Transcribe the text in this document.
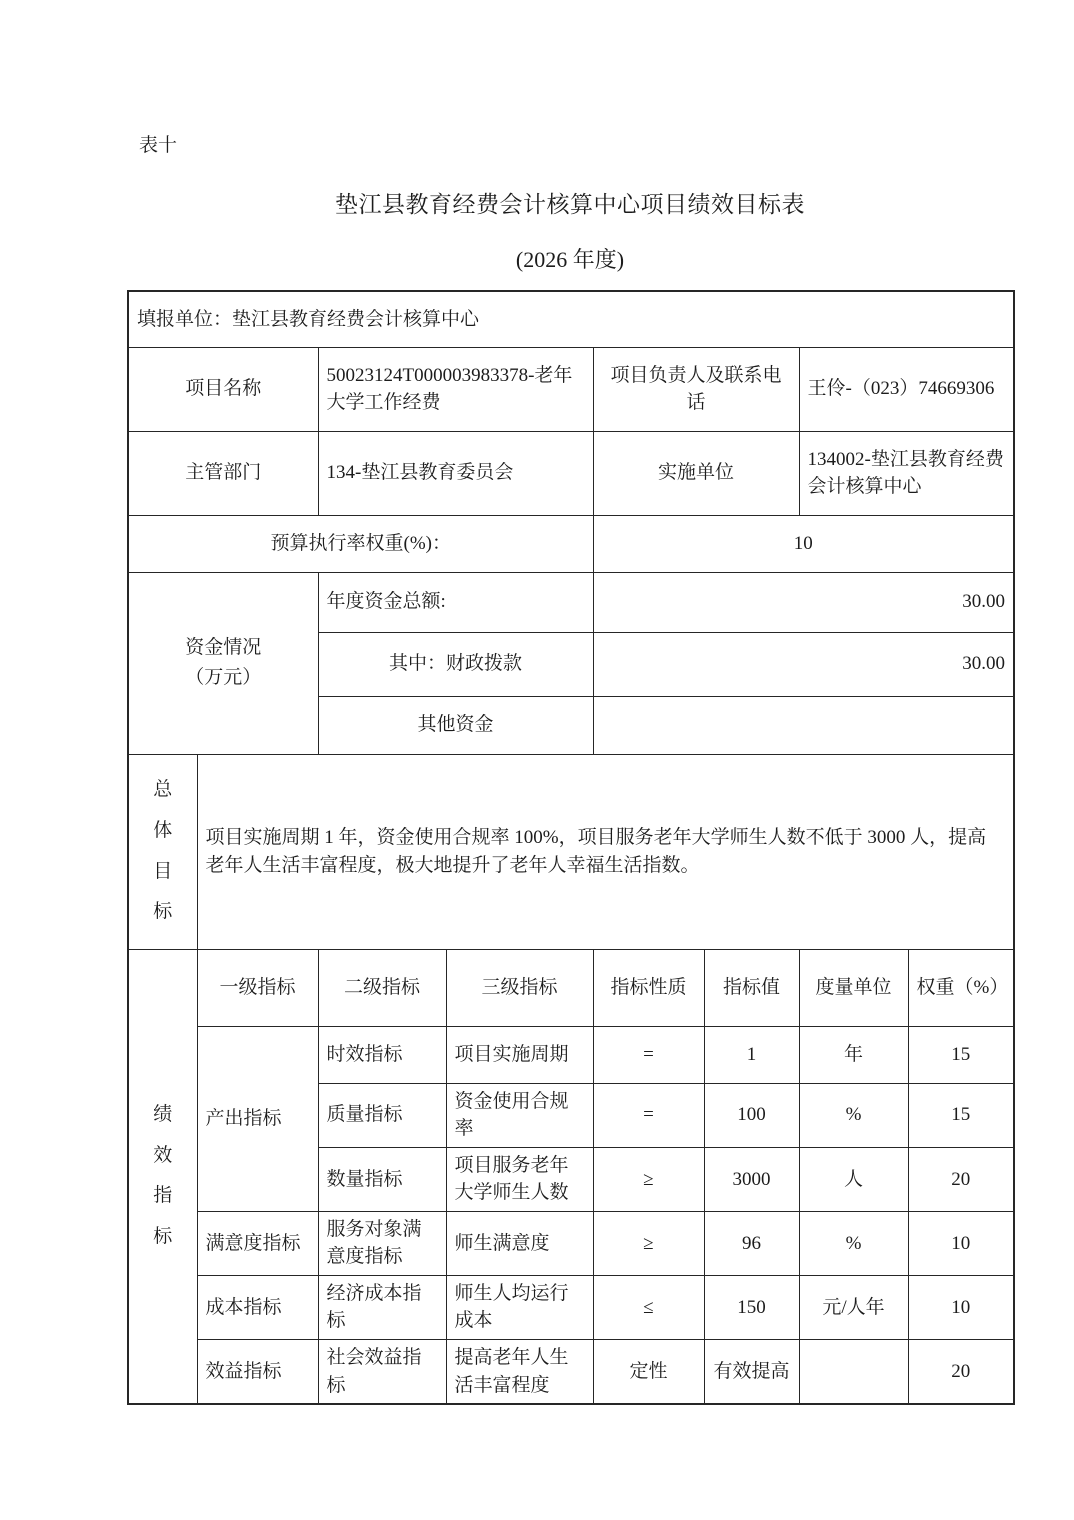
表十
垫江县教育经费会计核算中心项目绩效目标表
(2026 年度)
填报单位：垫江县教育经费会计核算中心							
项目名称		50023124T000003983378-老年大学工作经费		项目负责人及联系电话		王伶-（023）74669306	
主管部门		134-垫江县教育委员会		实施单位		134002-垫江县教育经费会计核算中心	
预算执行率权重(%)：				10			

资金情况
（万元）		年度资金总额:		30.00			
		其中：财政拨款		30.00			
		其他资金					

总体目标	项目实施周期 1 年，资金使用合规率 100%，项目服务老年大学师生人数不低于 3000 人，提高老年人生活丰富程度，极大地提升了老年人幸福生活指数。						

绩效指标	一级指标	二级指标	三级指标	指标性质	指标值	度量单位	权重（%）
	产出指标	时效指标	项目实施周期	=	1	年	15
		质量指标	资金使用合规率	=	100	%	15
		数量指标	项目服务老年大学师生人数	≥	3000	人	20
	满意度指标	服务对象满意度指标	师生满意度	≥	96	%	10
	成本指标	经济成本指标	师生人均运行成本	≤	150	元/人年	10
	效益指标	社会效益指标	提高老年人生活丰富程度	定性	有效提高		20
